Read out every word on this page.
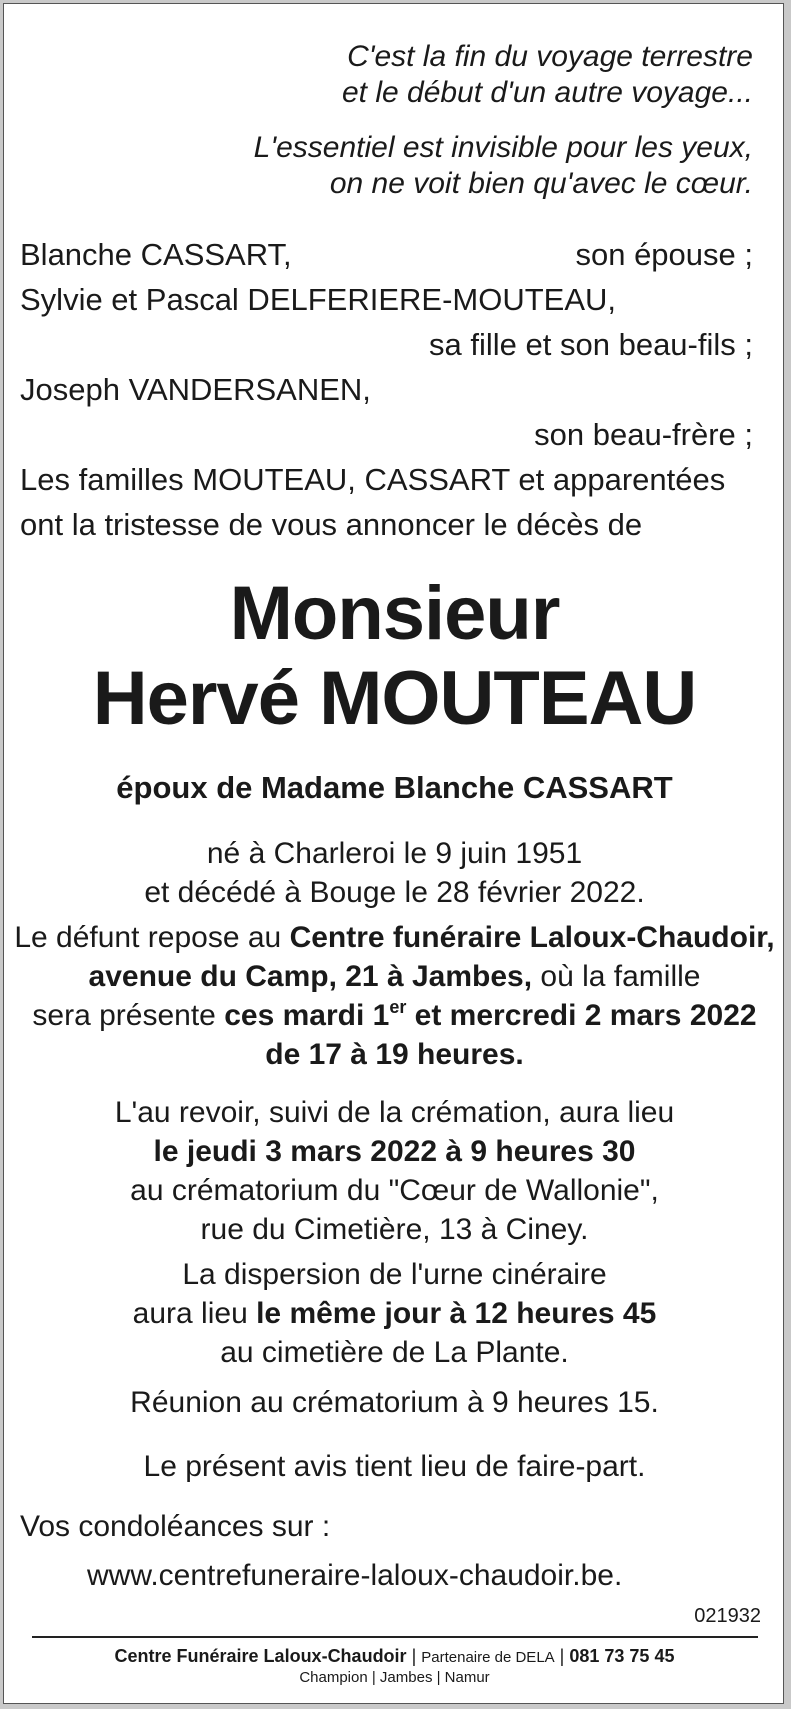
C'est la fin du voyage terrestre
et le début d'un autre voyage...
L'essentiel est invisible pour les yeux,
on ne voit bien qu'avec le cœur.
Blanche CASSART,	son épouse ;
Sylvie et Pascal DELFERIERE-MOUTEAU,
sa fille et son beau-fils ;
Joseph VANDERSANEN,
son beau-frère ;
Les familles MOUTEAU, CASSART et apparentées
ont la tristesse de vous annoncer le décès de
Monsieur
Hervé MOUTEAU
époux de Madame Blanche CASSART
né à Charleroi le 9 juin 1951
et décédé à Bouge le 28 février 2022.
Le défunt repose au Centre funéraire Laloux-Chaudoir,
avenue du Camp, 21 à Jambes, où la famille
sera présente ces mardi 1er et mercredi 2 mars 2022
de 17 à 19 heures.
L'au revoir, suivi de la crémation, aura lieu
le jeudi 3 mars 2022 à 9 heures 30
au crématorium du "Cœur de Wallonie",
rue du Cimetière, 13 à Ciney.
La dispersion de l'urne cinéraire
aura lieu le même jour à 12 heures 45
au cimetière de La Plante.
Réunion au crématorium à 9 heures 15.
Le présent avis tient lieu de faire-part.
Vos condoléances sur :
www.centrefuneraire-laloux-chaudoir.be.
021932
Centre Funéraire Laloux-Chaudoir | Partenaire de DELA | 081 73 75 45
Champion | Jambes | Namur
